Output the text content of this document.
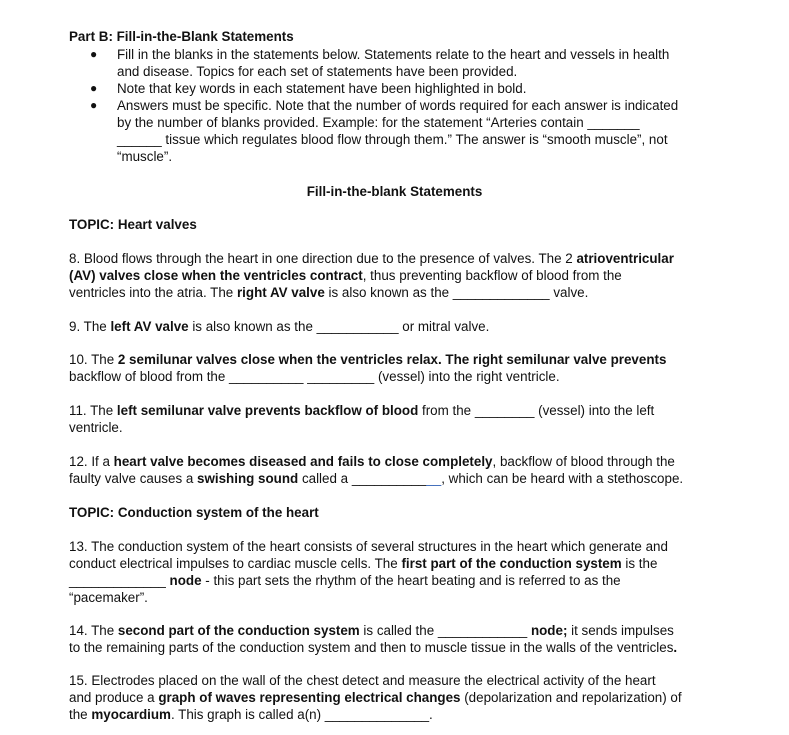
Part B: Fill-in-the-Blank Statements
● Fill in the blanks in the statements below. Statements relate to the heart and vessels in health
and disease. Topics for each set of statements have been provided.
● Note that key words in each statement have been highlighted in bold.
● Answers must be specific. Note that the number of words required for each answer is indicated
by the number of blanks provided. Example: for the statement “Arteries contain _______
______ tissue which regulates blood flow through them.” The answer is “smooth muscle”, not
“muscle”.
Fill-in-the-blank Statements
TOPIC: Heart valves
8. Blood flows through the heart in one direction due to the presence of valves. The 2 atrioventricular
(AV) valves close when the ventricles contract, thus preventing backflow of blood from the
ventricles into the atria. The right AV valve is also known as the _____________ valve.
9. The left AV valve is also known as the ___________ or mitral valve.
10. The 2 semilunar valves close when the ventricles relax. The right semilunar valve prevents
backflow of blood from the __________ _________ (vessel) into the right ventricle.
11. The left semilunar valve prevents backflow of blood from the ________ (vessel) into the left
ventricle.
12. If a heart valve becomes diseased and fails to close completely, backflow of blood through the
faulty valve causes a swishing sound called a ____________, which can be heard with a stethoscope.
TOPIC: Conduction system of the heart
13. The conduction system of the heart consists of several structures in the heart which generate and
conduct electrical impulses to cardiac muscle cells. The first part of the conduction system is the
_____________ node - this part sets the rhythm of the heart beating and is referred to as the
“pacemaker”.
14. The second part of the conduction system is called the ____________ node; it sends impulses
to the remaining parts of the conduction system and then to muscle tissue in the walls of the ventricles.
15. Electrodes placed on the wall of the chest detect and measure the electrical activity of the heart
and produce a graph of waves representing electrical changes (depolarization and repolarization) of
the myocardium. This graph is called a(n) ______________.
